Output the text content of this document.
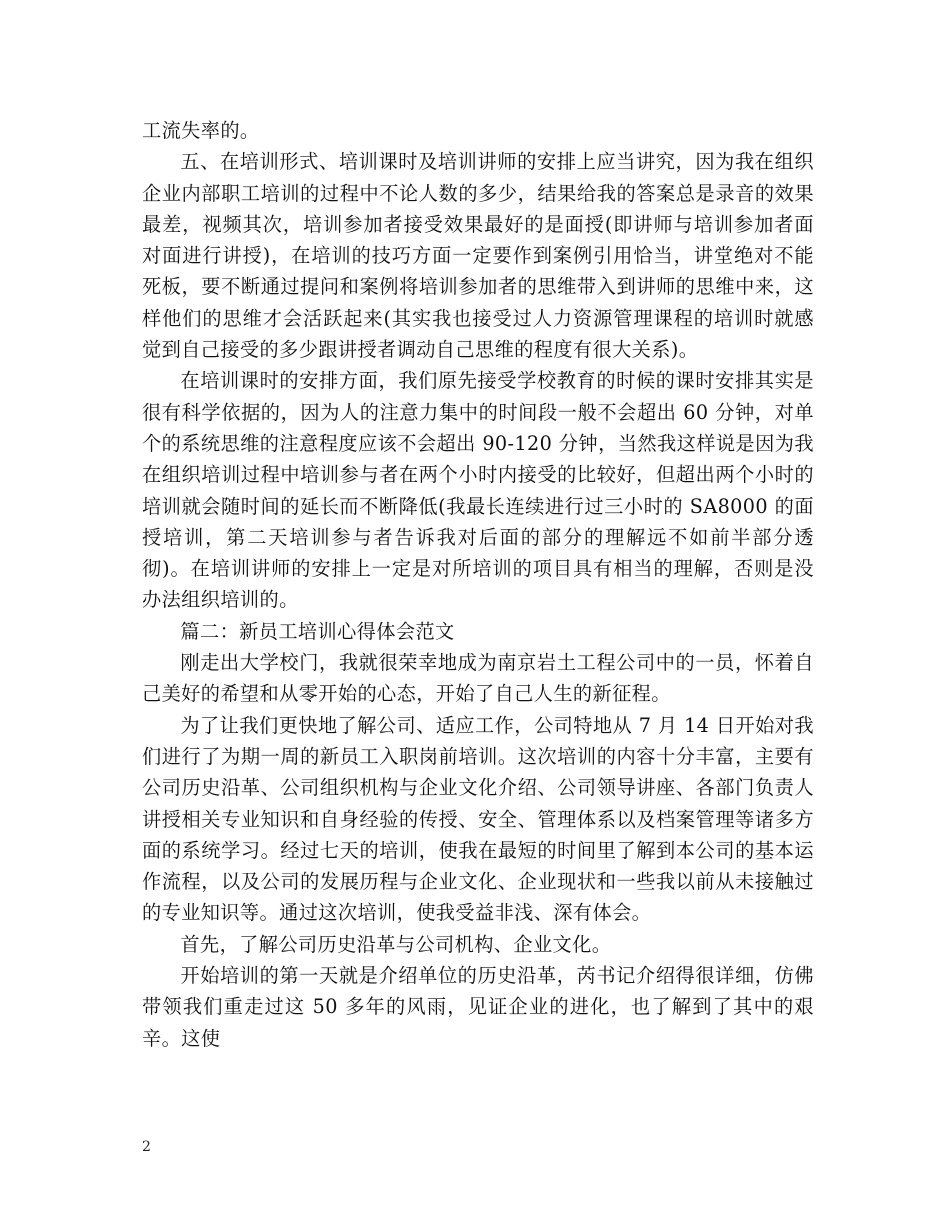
工流失率的。

五、在培训形式、培训课时及培训讲师的安排上应当讲究，因为我在组织企业内部职工培训的过程中不论人数的多少，结果给我的答案总是录音的效果最差，视频其次，培训参加者接受效果最好的是面授(即讲师与培训参加者面对面进行讲授)，在培训的技巧方面一定要作到案例引用恰当，讲堂绝对不能死板，要不断通过提问和案例将培训参加者的思维带入到讲师的思维中来，这样他们的思维才会活跃起来(其实我也接受过人力资源管理课程的培训时就感觉到自己接受的多少跟讲授者调动自己思维的程度有很大关系)。

在培训课时的安排方面，我们原先接受学校教育的时候的课时安排其实是很有科学依据的，因为人的注意力集中的时间段一般不会超出 60 分钟，对单个的系统思维的注意程度应该不会超出 90-120 分钟，当然我这样说是因为我在组织培训过程中培训参与者在两个小时内接受的比较好，但超出两个小时的培训就会随时间的延长而不断降低(我最长连续进行过三小时的 SA8000 的面授培训，第二天培训参与者告诉我对后面的部分的理解远不如前半部分透彻)。在培训讲师的安排上一定是对所培训的项目具有相当的理解，否则是没办法组织培训的。

篇二：新员工培训心得体会范文

刚走出大学校门，我就很荣幸地成为南京岩土工程公司中的一员，怀着自己美好的希望和从零开始的心态，开始了自己人生的新征程。

为了让我们更快地了解公司、适应工作，公司特地从 7 月 14 日开始对我们进行了为期一周的新员工入职岗前培训。这次培训的内容十分丰富，主要有公司历史沿革、公司组织机构与企业文化介绍、公司领导讲座、各部门负责人讲授相关专业知识和自身经验的传授、安全、管理体系以及档案管理等诸多方面的系统学习。经过七天的培训，使我在最短的时间里了解到本公司的基本运作流程，以及公司的发展历程与企业文化、企业现状和一些我以前从未接触过的专业知识等。通过这次培训，使我受益非浅、深有体会。

首先，了解公司历史沿革与公司机构、企业文化。

开始培训的第一天就是介绍单位的历史沿革，芮书记介绍得很详细，仿佛带领我们重走过这 50 多年的风雨，见证企业的进化，也了解到了其中的艰辛。这使

2
